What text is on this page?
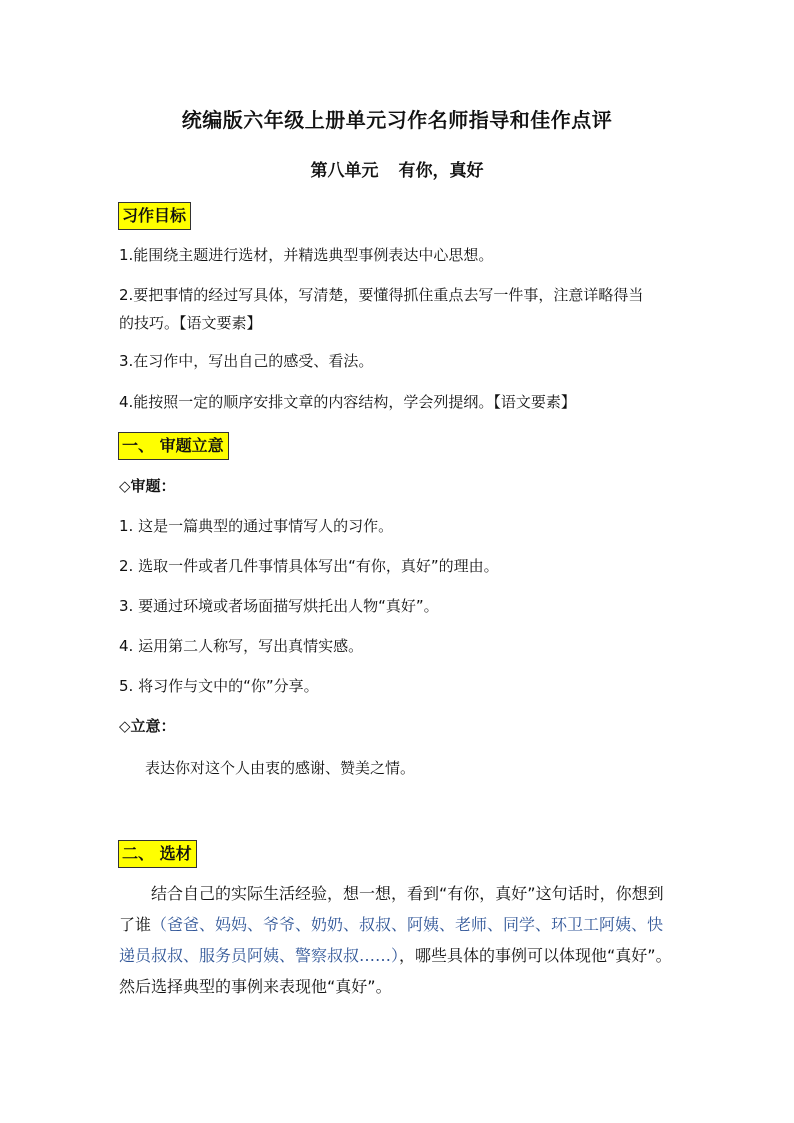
统编版六年级上册单元习作名师指导和佳作点评
第八单元 有你，真好
习作目标
1.能围绕主题进行选材，并精选典型事例表达中心思想。
2.要把事情的经过写具体，写清楚，要懂得抓住重点去写一件事，注意详略得当
的技巧。【语文要素】
3.在习作中，写出自己的感受、看法。
4.能按照一定的顺序安排文章的内容结构，学会列提纲。【语文要素】
一、 审题立意
◇审题：
1. 这是一篇典型的通过事情写人的习作。
2. 选取一件或者几件事情具体写出“有你，真好”的理由。
3. 要通过环境或者场面描写烘托出人物“真好”。
4. 运用第二人称写，写出真情实感。
5. 将习作与文中的“你”分享。
◇立意：
表达你对这个人由衷的感谢、赞美之情。
二、 选材
结合自己的实际生活经验，想一想，看到“有你，真好”这句话时，你想到了谁（爸爸、妈妈、爷爷、奶奶、叔叔、阿姨、老师、同学、环卫工阿姨、快递员叔叔、服务员阿姨、警察叔叔……），哪些具体的事例可以体现他“真好”。然后选择典型的事例来表现他“真好”。
